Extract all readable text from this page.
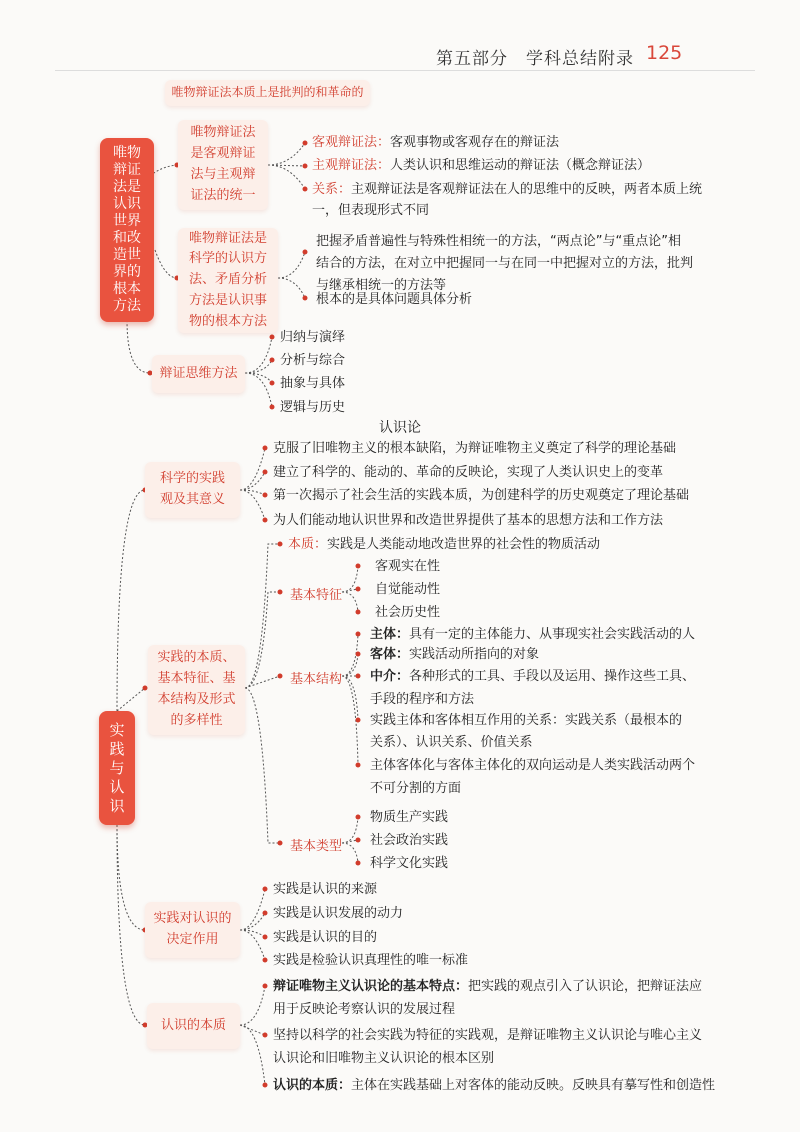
第五部分　学科总结附录 125
唯物辩证法本质上是批判的和革命的
唯物辩证法是认识世界和改造世界的根本方法
唯物辩证法是客观辩证法与主观辩证法的统一
客观辩证法：客观事物或客观存在的辩证法
主观辩证法：人类认识和思维运动的辩证法（概念辩证法）
关系：主观辩证法是客观辩证法在人的思维中的反映，两者本质上统
一，但表现形式不同
唯物辩证法是科学的认识方法、矛盾分析方法是认识事物的根本方法
把握矛盾普遍性与特殊性相统一的方法，“两点论”与“重点论”相
结合的方法，在对立中把握同一与在同一中把握对立的方法，批判
与继承相统一的方法等
根本的是具体问题具体分析
辩证思维方法
归纳与演绎
分析与综合
抽象与具体
逻辑与历史
认识论
实践与认识
科学的实践观及其意义
克服了旧唯物主义的根本缺陷，为辩证唯物主义奠定了科学的理论基础
建立了科学的、能动的、革命的反映论，实现了人类认识史上的变革
第一次揭示了社会生活的实践本质，为创建科学的历史观奠定了理论基础
为人们能动地认识世界和改造世界提供了基本的思想方法和工作方法
实践的本质、基本特征、基本结构及形式的多样性
本质：实践是人类能动地改造世界的社会性的物质活动
基本特征
客观实在性
自觉能动性
社会历史性
基本结构
主体：具有一定的主体能力、从事现实社会实践活动的人
客体：实践活动所指向的对象
中介：各种形式的工具、手段以及运用、操作这些工具、
手段的程序和方法
实践主体和客体相互作用的关系：实践关系（最根本的
关系）、认识关系、价值关系
主体客体化与客体主体化的双向运动是人类实践活动两个
不可分割的方面
基本类型
物质生产实践
社会政治实践
科学文化实践
实践对认识的决定作用
实践是认识的来源
实践是认识发展的动力
实践是认识的目的
实践是检验认识真理性的唯一标准
认识的本质
辩证唯物主义认识论的基本特点：把实践的观点引入了认识论，把辩证法应
用于反映论考察认识的发展过程
坚持以科学的社会实践为特征的实践观，是辩证唯物主义认识论与唯心主义
认识论和旧唯物主义认识论的根本区别
认识的本质：主体在实践基础上对客体的能动反映。反映具有摹写性和创造性
